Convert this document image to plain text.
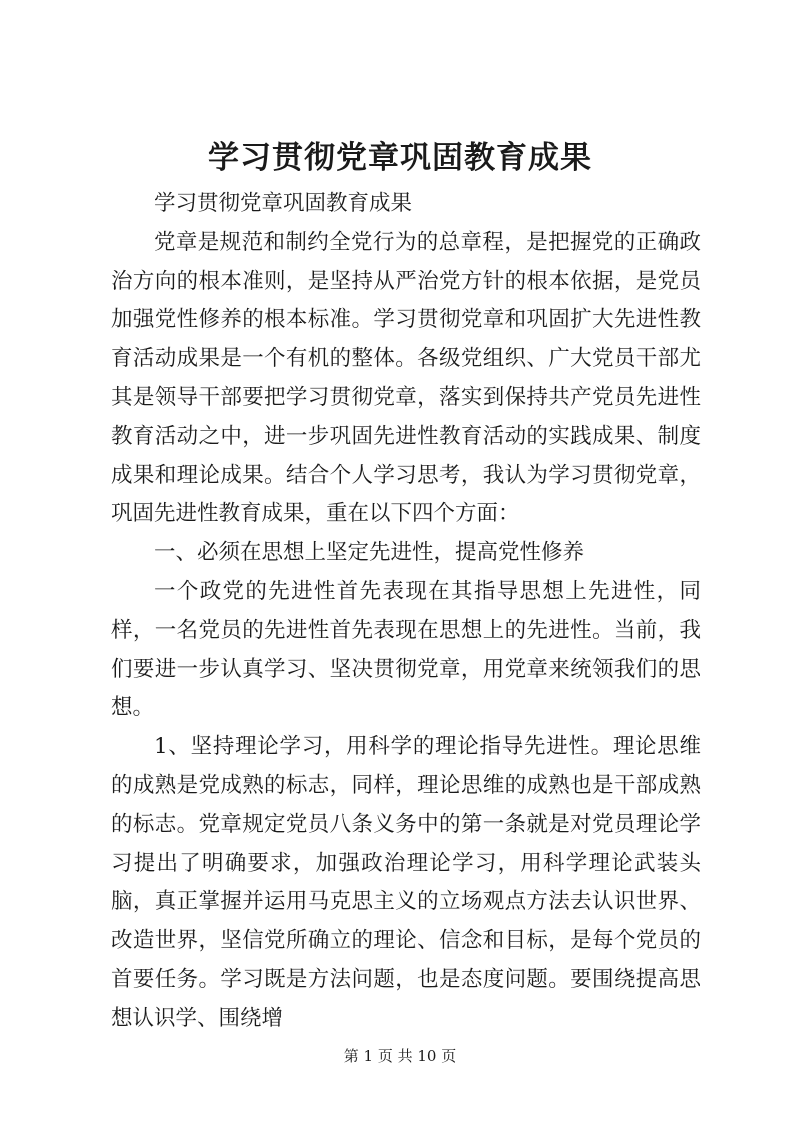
学习贯彻党章巩固教育成果

学习贯彻党章巩固教育成果

党章是规范和制约全党行为的总章程，是把握党的正确政治方向的根本准则，是坚持从严治党方针的根本依据，是党员加强党性修养的根本标准。学习贯彻党章和巩固扩大先进性教育活动成果是一个有机的整体。各级党组织、广大党员干部尤其是领导干部要把学习贯彻党章，落实到保持共产党员先进性教育活动之中，进一步巩固先进性教育活动的实践成果、制度成果和理论成果。结合个人学习思考，我认为学习贯彻党章，巩固先进性教育成果，重在以下四个方面：

一、必须在思想上坚定先进性，提高党性修养

一个政党的先进性首先表现在其指导思想上先进性，同样，一名党员的先进性首先表现在思想上的先进性。当前，我们要进一步认真学习、坚决贯彻党章，用党章来统领我们的思想。

1、坚持理论学习，用科学的理论指导先进性。理论思维的成熟是党成熟的标志，同样，理论思维的成熟也是干部成熟的标志。党章规定党员八条义务中的第一条就是对党员理论学习提出了明确要求，加强政治理论学习，用科学理论武装头脑，真正掌握并运用马克思主义的立场观点方法去认识世界、改造世界，坚信党所确立的理论、信念和目标，是每个党员的首要任务。学习既是方法问题，也是态度问题。要围绕提高思想认识学、围绕增

第 1 页 共 10 页
